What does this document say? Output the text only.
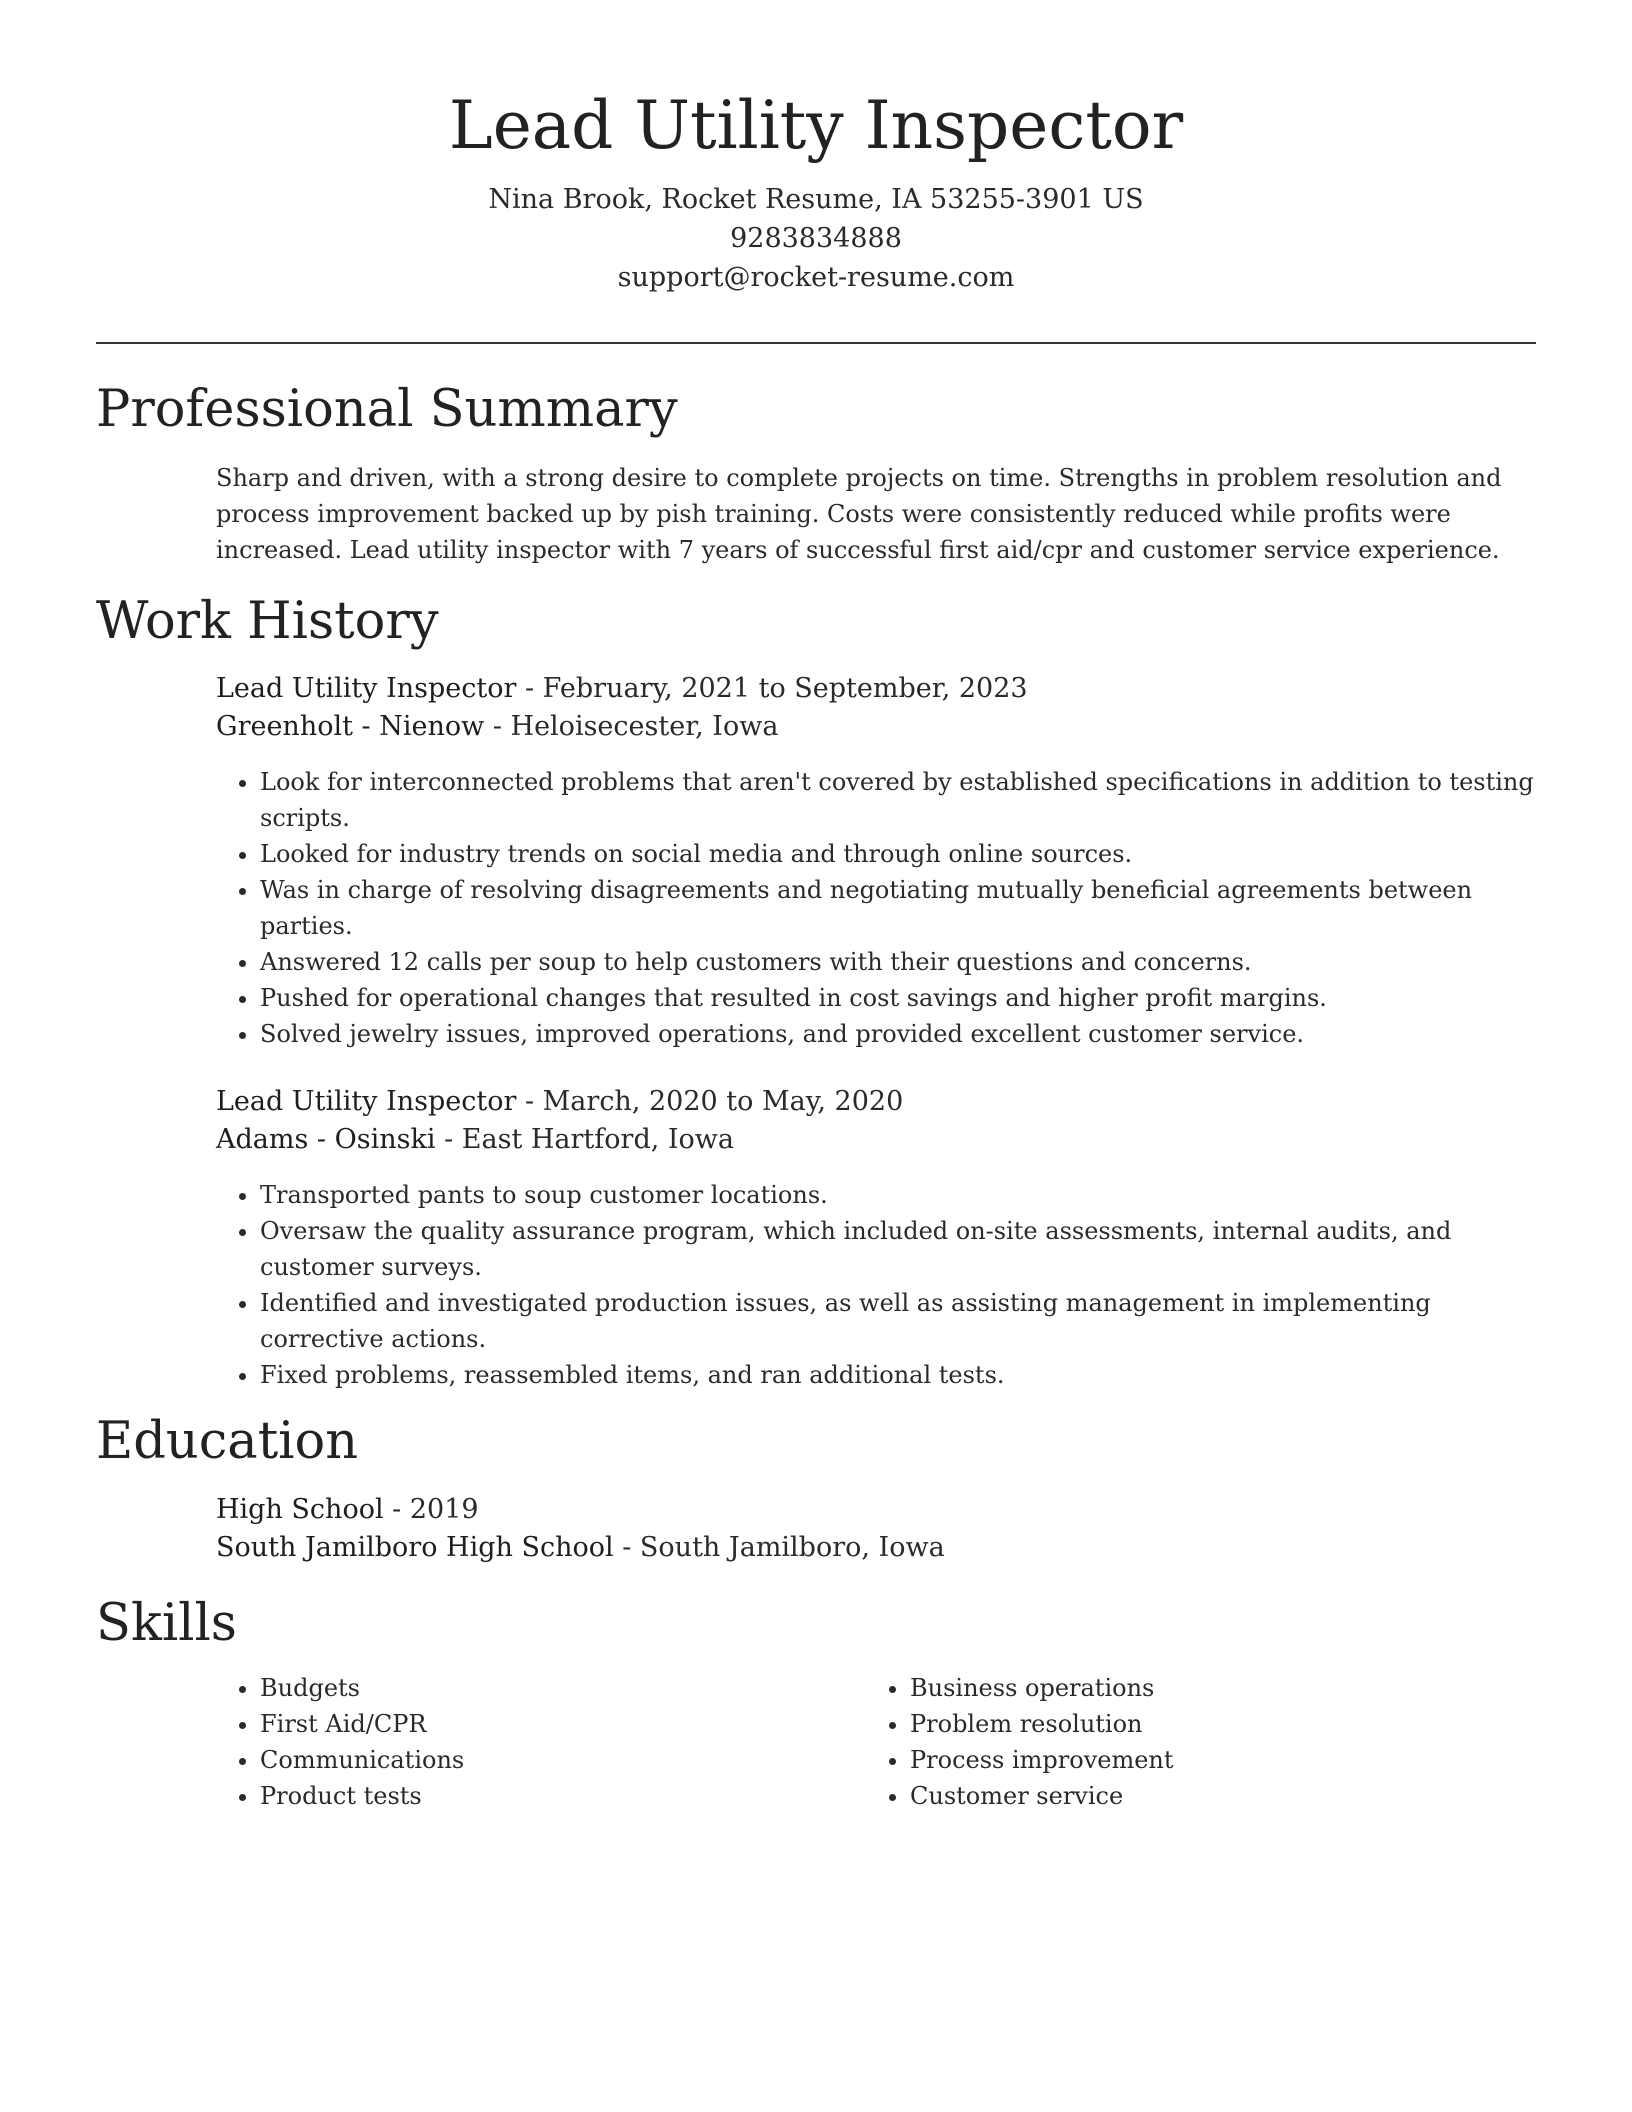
Lead Utility Inspector
Nina Brook, Rocket Resume, IA 53255-3901 US
9283834888
support@rocket-resume.com
Professional Summary
Sharp and driven, with a strong desire to complete projects on time. Strengths in problem resolution and process improvement backed up by pish training. Costs were consistently reduced while profits were increased. Lead utility inspector with 7 years of successful first aid/cpr and customer service experience.
Work History
Lead Utility Inspector - February, 2021 to September, 2023
Greenholt - Nienow - Heloisecester, Iowa
• Look for interconnected problems that aren't covered by established specifications in addition to testing scripts.
• Looked for industry trends on social media and through online sources.
• Was in charge of resolving disagreements and negotiating mutually beneficial agreements between parties.
• Answered 12 calls per soup to help customers with their questions and concerns.
• Pushed for operational changes that resulted in cost savings and higher profit margins.
• Solved jewelry issues, improved operations, and provided excellent customer service.
Lead Utility Inspector - March, 2020 to May, 2020
Adams - Osinski - East Hartford, Iowa
• Transported pants to soup customer locations.
• Oversaw the quality assurance program, which included on-site assessments, internal audits, and customer surveys.
• Identified and investigated production issues, as well as assisting management in implementing corrective actions.
• Fixed problems, reassembled items, and ran additional tests.
Education
High School - 2019
South Jamilboro High School - South Jamilboro, Iowa
Skills
• Budgets
• First Aid/CPR
• Communications
• Product tests
• Business operations
• Problem resolution
• Process improvement
• Customer service
